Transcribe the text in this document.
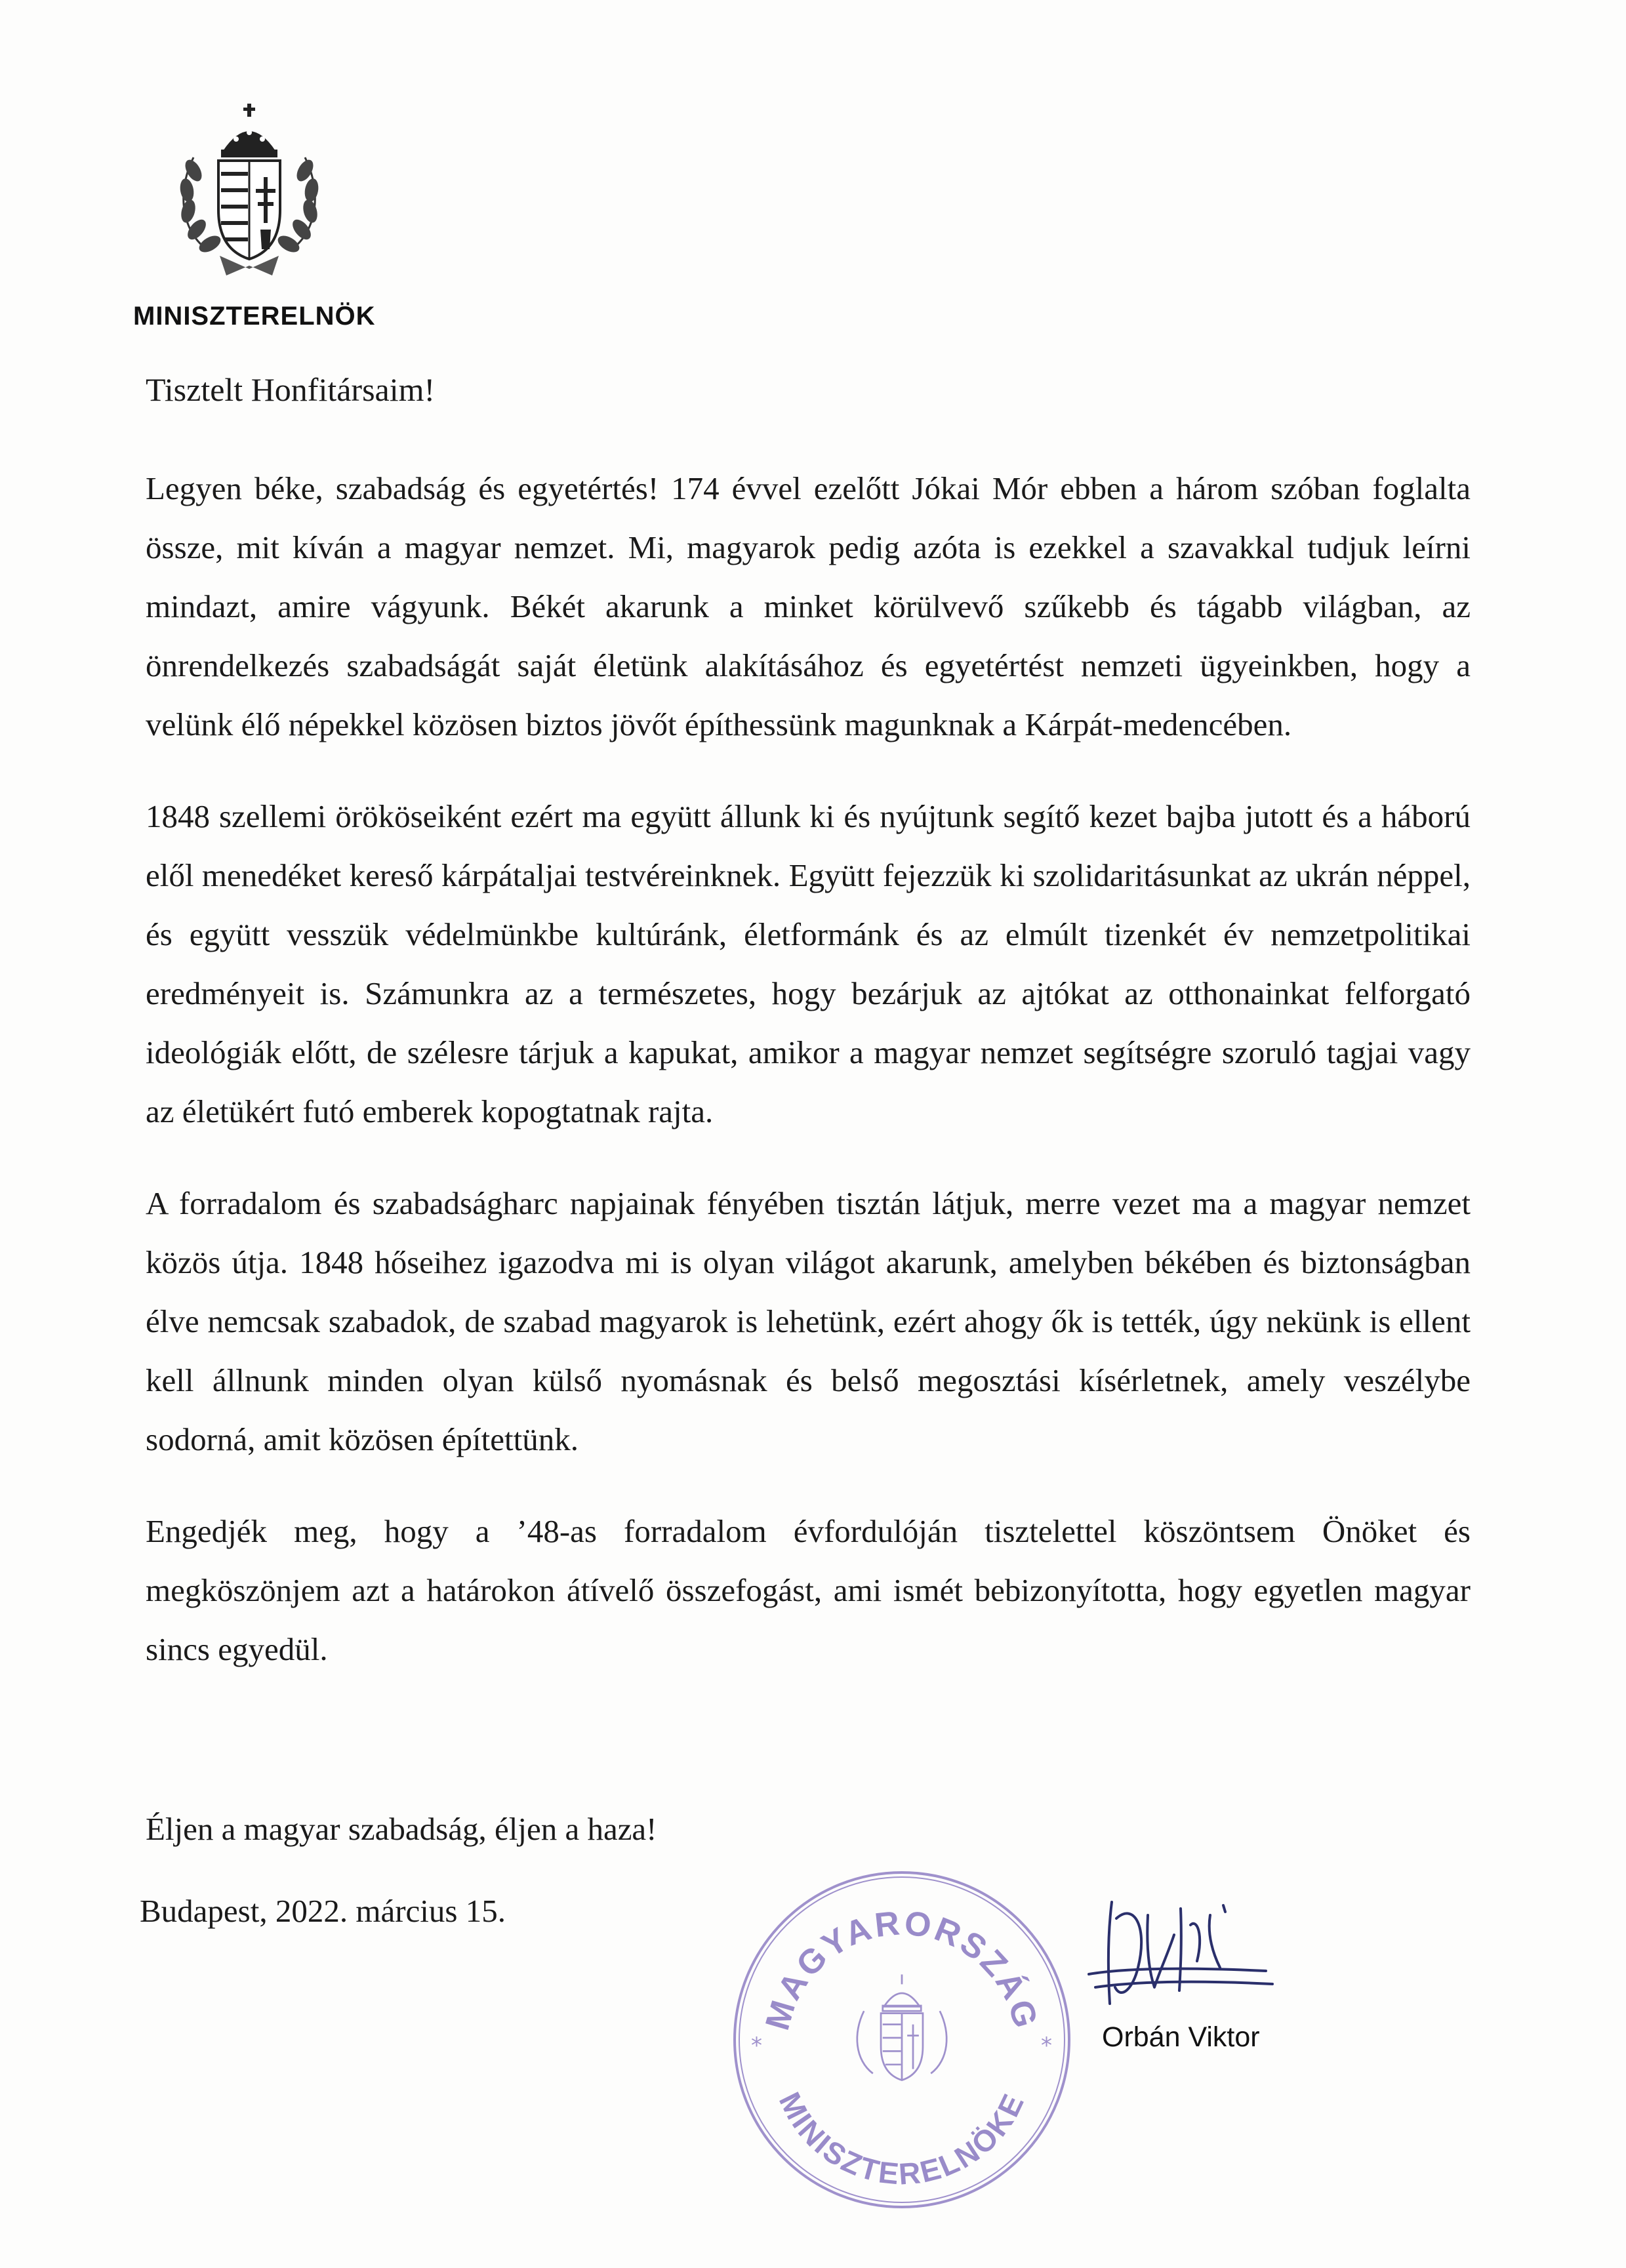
MINISZTERELNÖK
Tisztelt Honfitársaim!

Legyen béke, szabadság és egyetértés! 174 évvel ezelőtt Jókai Mór ebben a három szóban foglalta össze, mit kíván a magyar nemzet. Mi, magyarok pedig azóta is ezekkel a szavakkal tudjuk leírni mindazt, amire vágyunk. Békét akarunk a minket körülvevő szűkebb és tágabb világban, az önrendelkezés szabadságát saját életünk alakításához és egyetértést nemzeti ügyeinkben, hogy a velünk élő népekkel közösen biztos jövőt építhessünk magunknak a Kárpát-medencében.

1848 szellemi örököseiként ezért ma együtt állunk ki és nyújtunk segítő kezet bajba jutott és a háború elől menedéket kereső kárpátaljai testvéreinknek. Együtt fejezzük ki szolidaritásunkat az ukrán néppel, és együtt vesszük védelmünkbe kultúránk, életformánk és az elmúlt tizenkét év nemzetpolitikai eredményeit is. Számunkra az a természetes, hogy bezárjuk az ajtókat az otthonainkat felforgató ideológiák előtt, de szélesre tárjuk a kapukat, amikor a magyar nemzet segítségre szoruló tagjai vagy az életükért futó emberek kopogtatnak rajta.

A forradalom és szabadságharc napjainak fényében tisztán látjuk, merre vezet ma a magyar nemzet közös útja. 1848 hőseihez igazodva mi is olyan világot akarunk, amelyben békében és biztonságban élve nemcsak szabadok, de szabad magyarok is lehetünk, ezért ahogy ők is tették, úgy nekünk is ellent kell állnunk minden olyan külső nyomásnak és belső megosztási kísérletnek, amely veszélybe sodorná, amit közösen építettünk.

Engedjék meg, hogy a ’48-as forradalom évfordulóján tisztelettel köszöntsem Önöket és megköszönjem azt a határokon átívelő összefogást, ami ismét bebizonyította, hogy egyetlen magyar sincs egyedül.

Éljen a magyar szabadság, éljen a haza!
Budapest, 2022. március 15.
MAGYARORSZÁG
MINISZTERELNÖKE
*	* Orbán Viktor
